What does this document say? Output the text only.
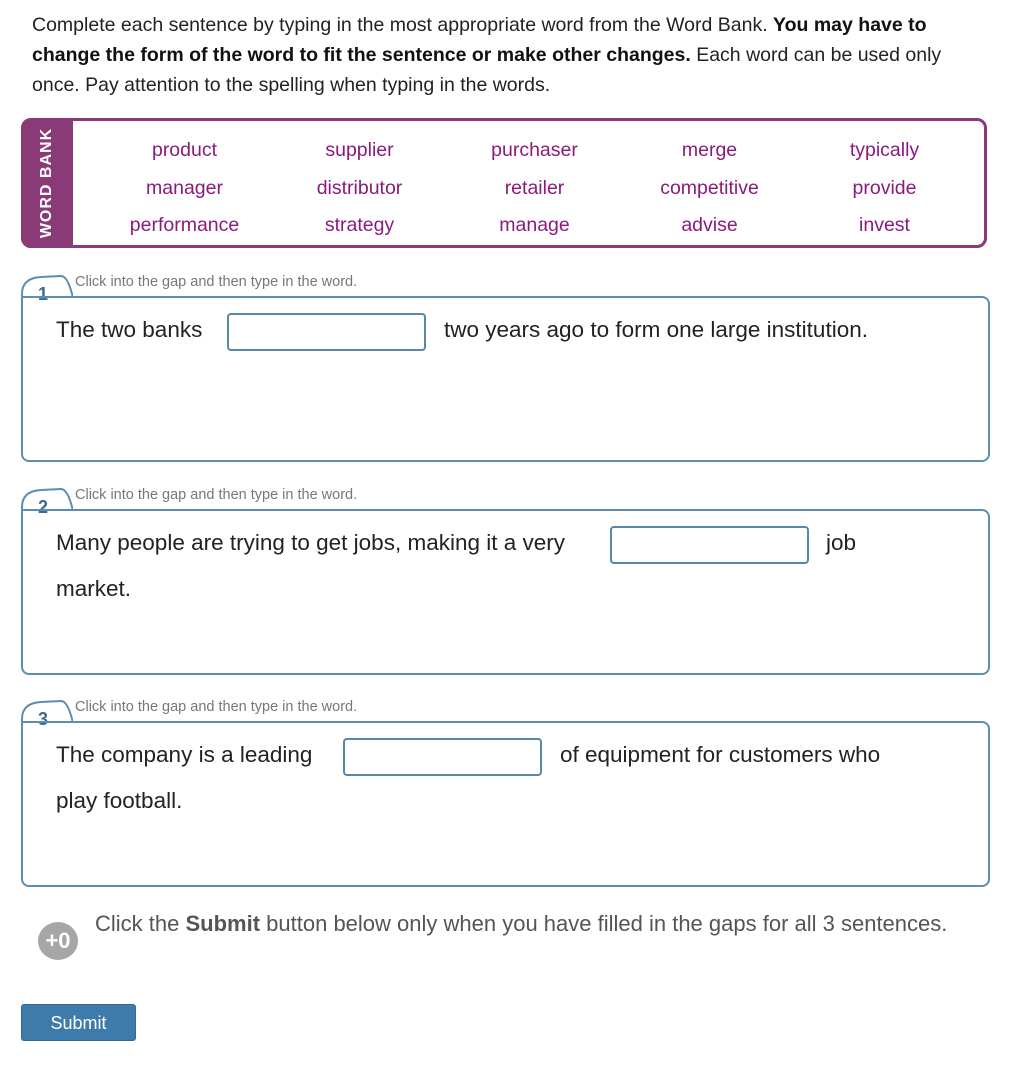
Complete each sentence by typing in the most appropriate word from the Word Bank. You may have to change the form of the word to fit the sentence or make other changes. Each word can be used only once. Pay attention to the spelling when typing in the words.
WORD BANK	product	supplier	purchaser	merge	typically
manager	distributor	retailer	competitive	provide
performance	strategy	manage	advise	invest
Click into the gap and then type in the word.
1
The two banks	two years ago to form one large institution.
Click into the gap and then type in the word.
2
Many people are trying to get jobs, making it a very	job
market.
Click into the gap and then type in the word.
3
The company is a leading	of equipment for customers who
play football.
+0
Click the Submit button below only when you have filled in the gaps for all 3 sentences.
Submit
